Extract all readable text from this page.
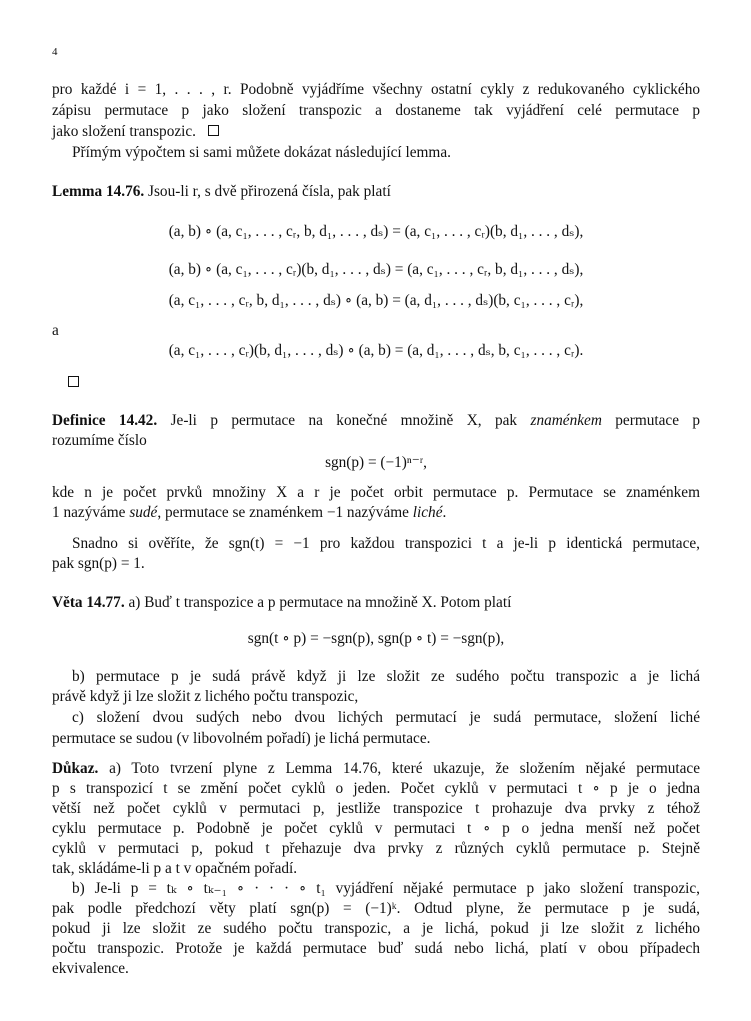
4
pro každé i = 1, . . . , r. Podobně vyjádříme všechny ostatní cykly z redukovaného cyklického
zápisu permutace p jako složení transpozic a dostaneme tak vyjádření celé permutace p
jako složení transpozic.
Přímým výpočtem si sami můžete dokázat následující lemma.
Lemma 14.76. Jsou-li r, s dvě přirozená čísla, pak platí
(a, b) ∘ (a, c₁, . . . , cᵣ, b, d₁, . . . , dₛ) = (a, c₁, . . . , cᵣ)(b, d₁, . . . , dₛ),
(a, b) ∘ (a, c₁, . . . , cᵣ)(b, d₁, . . . , dₛ) = (a, c₁, . . . , cᵣ, b, d₁, . . . , dₛ),
(a, c₁, . . . , cᵣ, b, d₁, . . . , dₛ) ∘ (a, b) = (a, d₁, . . . , dₛ)(b, c₁, . . . , cᵣ),
a
(a, c₁, . . . , cᵣ)(b, d₁, . . . , dₛ) ∘ (a, b) = (a, d₁, . . . , dₛ, b, c₁, . . . , cᵣ).
Definice 14.42. Je-li p permutace na konečné množině X, pak znaménkem permutace p
rozumíme číslo
sgn(p) = (−1)ⁿ⁻ʳ,
kde n je počet prvků množiny X a r je počet orbit permutace p. Permutace se znaménkem
1 nazýváme sudé, permutace se znaménkem −1 nazýváme liché.
Snadno si ověříte, že sgn(t) = −1 pro každou transpozici t a je-li p identická permutace,
pak sgn(p) = 1.
Věta 14.77. a) Buď t transpozice a p permutace na množině X. Potom platí
sgn(t ∘ p) = −sgn(p), sgn(p ∘ t) = −sgn(p),
b) permutace p je sudá právě když ji lze složit ze sudého počtu transpozic a je lichá
právě když ji lze složit z lichého počtu transpozic,
c) složení dvou sudých nebo dvou lichých permutací je sudá permutace, složení liché
permutace se sudou (v libovolném pořadí) je lichá permutace.
Důkaz. a) Toto tvrzení plyne z Lemma 14.76, které ukazuje, že složením nějaké permutace
p s transpozicí t se změní počet cyklů o jeden. Počet cyklů v permutaci t ∘ p je o jedna
větší než počet cyklů v permutaci p, jestliže transpozice t prohazuje dva prvky z téhož
cyklu permutace p. Podobně je počet cyklů v permutaci t ∘ p o jedna menší než počet
cyklů v permutaci p, pokud t přehazuje dva prvky z různých cyklů permutace p. Stejně
tak, skládáme-li p a t v opačném pořadí.
b) Je-li p = tₖ ∘ tₖ₋₁ ∘ · · · ∘ t₁ vyjádření nějaké permutace p jako složení transpozic,
pak podle předchozí věty platí sgn(p) = (−1)ᵏ. Odtud plyne, že permutace p je sudá,
pokud ji lze složit ze sudého počtu transpozic, a je lichá, pokud ji lze složit z lichého
počtu transpozic. Protože je každá permutace buď sudá nebo lichá, platí v obou případech
ekvivalence.
